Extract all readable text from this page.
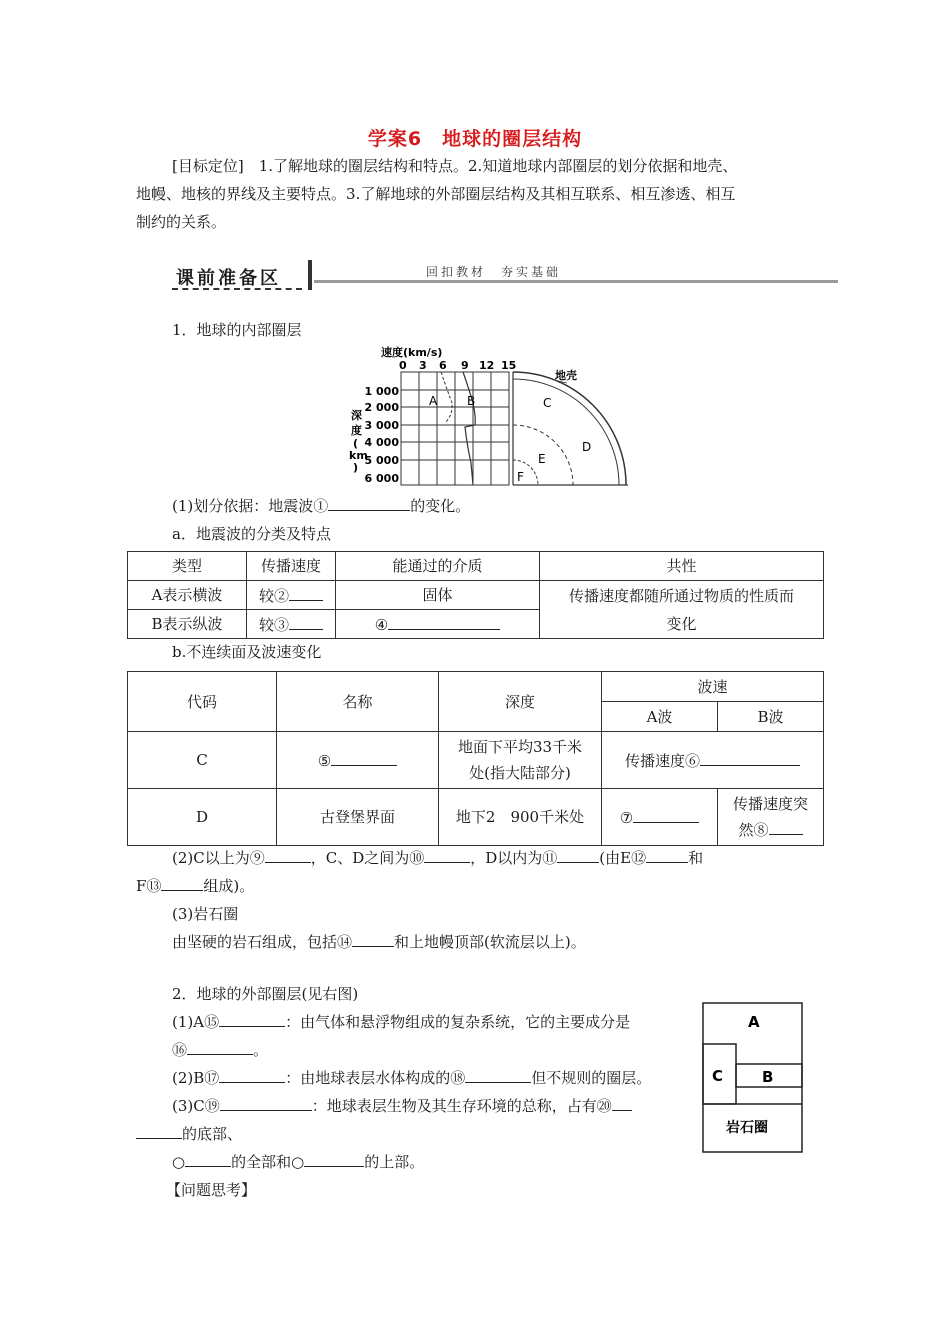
学案6　地球的圈层结构
[目标定位]　1.了解地球的圈层结构和特点。2.知道地球内部圈层的划分依据和地壳、
地幔、地核的界线及主要特点。3.了解地球的外部圈层结构及其相互联系、相互渗透、相互
制约的关系。
课前准备区	回扣教材　夯实基础
1．地球的内部圈层
速度(km/s)
0 3 6 9 12 15
1 000
2 000
3 000
4 000
5 000
6 000
深
度
(
km
)
A B
地壳
C
D
E
F
(1)划分依据：地震波①	的变化。
a．地震波的分类及特点
类型	传播速度	能通过的介质	共性
A表示横波	较②	固体	传播速度都随所通过物质的性质而
变化
B表示纵波	较③	④	
b.不连续面及波速变化
代码	名称	深度	波速	
			A波	B波
C	⑤	地面下平均33千米
处(指大陆部分)	传播速度⑥	
D	古登堡界面	地下2　900千米处	⑦	传播速度突
然⑧
(2)C以上为⑨	，C、D之间为⑩	，D以内为⑪	(由E⑫	和
F⑬	组成)。
(3)岩石圈
由坚硬的岩石组成，包括⑭	和上地幔顶部(软流层以上)。
2．地球的外部圈层(见右图)
(1)A⑮	：由气体和悬浮物组成的复杂系统，它的主要成分是
⑯	。
(2)B⑰	：由地球表层水体构成的⑱	但不规则的圈层。
(3)C⑲	：地球表层生物及其生存环境的总称，占有⑳
的底部、
○	的全部和○	的上部。
A
C	B
岩石圈
【问题思考】
